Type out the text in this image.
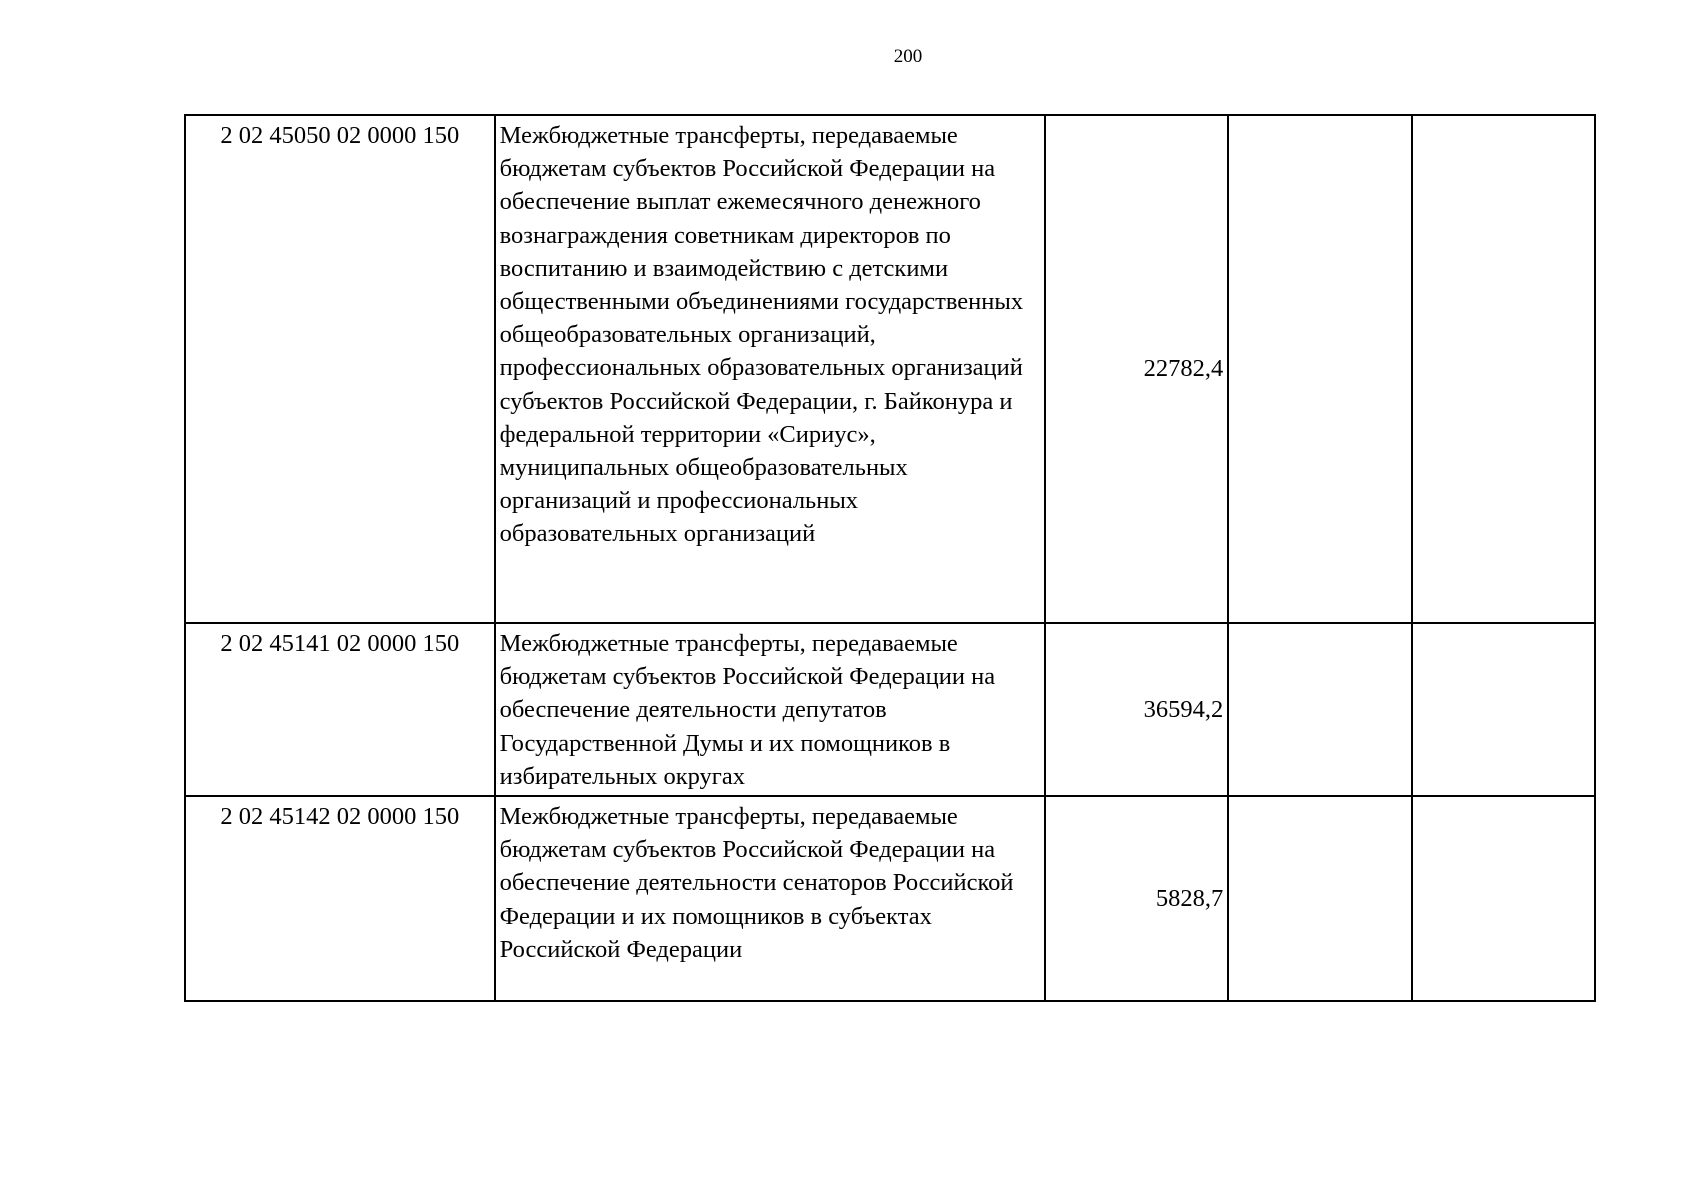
200
2 02 45050 02 0000 150	Межбюджетные трансферты, передаваемые бюджетам субъектов Российской Федерации на обеспечение выплат ежемесячного денежного вознаграждения советникам директоров по воспитанию и взаимодействию с детскими общественными объединениями государственных общеобразовательных организаций, профессиональных образовательных организаций субъектов Российской Федерации, г. Байконура и федеральной территории «Сириус», муниципальных общеобразовательных организаций и профессиональных образовательных организаций	22782,4		
2 02 45141 02 0000 150	Межбюджетные трансферты, передаваемые бюджетам субъектов Российской Федерации на обеспечение деятельности депутатов Государственной Думы и их помощников в избирательных округах	36594,2		
2 02 45142 02 0000 150	Межбюджетные трансферты, передаваемые бюджетам субъектов Российской Федерации на обеспечение деятельности сенаторов Российской Федерации и их помощников в субъектах Российской Федерации	5828,7		
